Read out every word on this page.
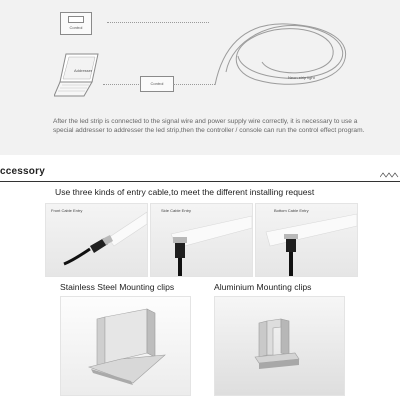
Control
Addresser
Control
Neon strip light

After the led strip is connected to the signal wire and power supply wire correctly, it is necessary to use a special addresser to addresser the led strip,then the controller / console can run the control effect program.

ccessory
Use three kinds of entry cable,to meet the different installing request
Front Cable Entry	Side Cable Entry	Bottom Cable Entry
Stainless Steel Mounting clips	Aluminium Mounting clips
